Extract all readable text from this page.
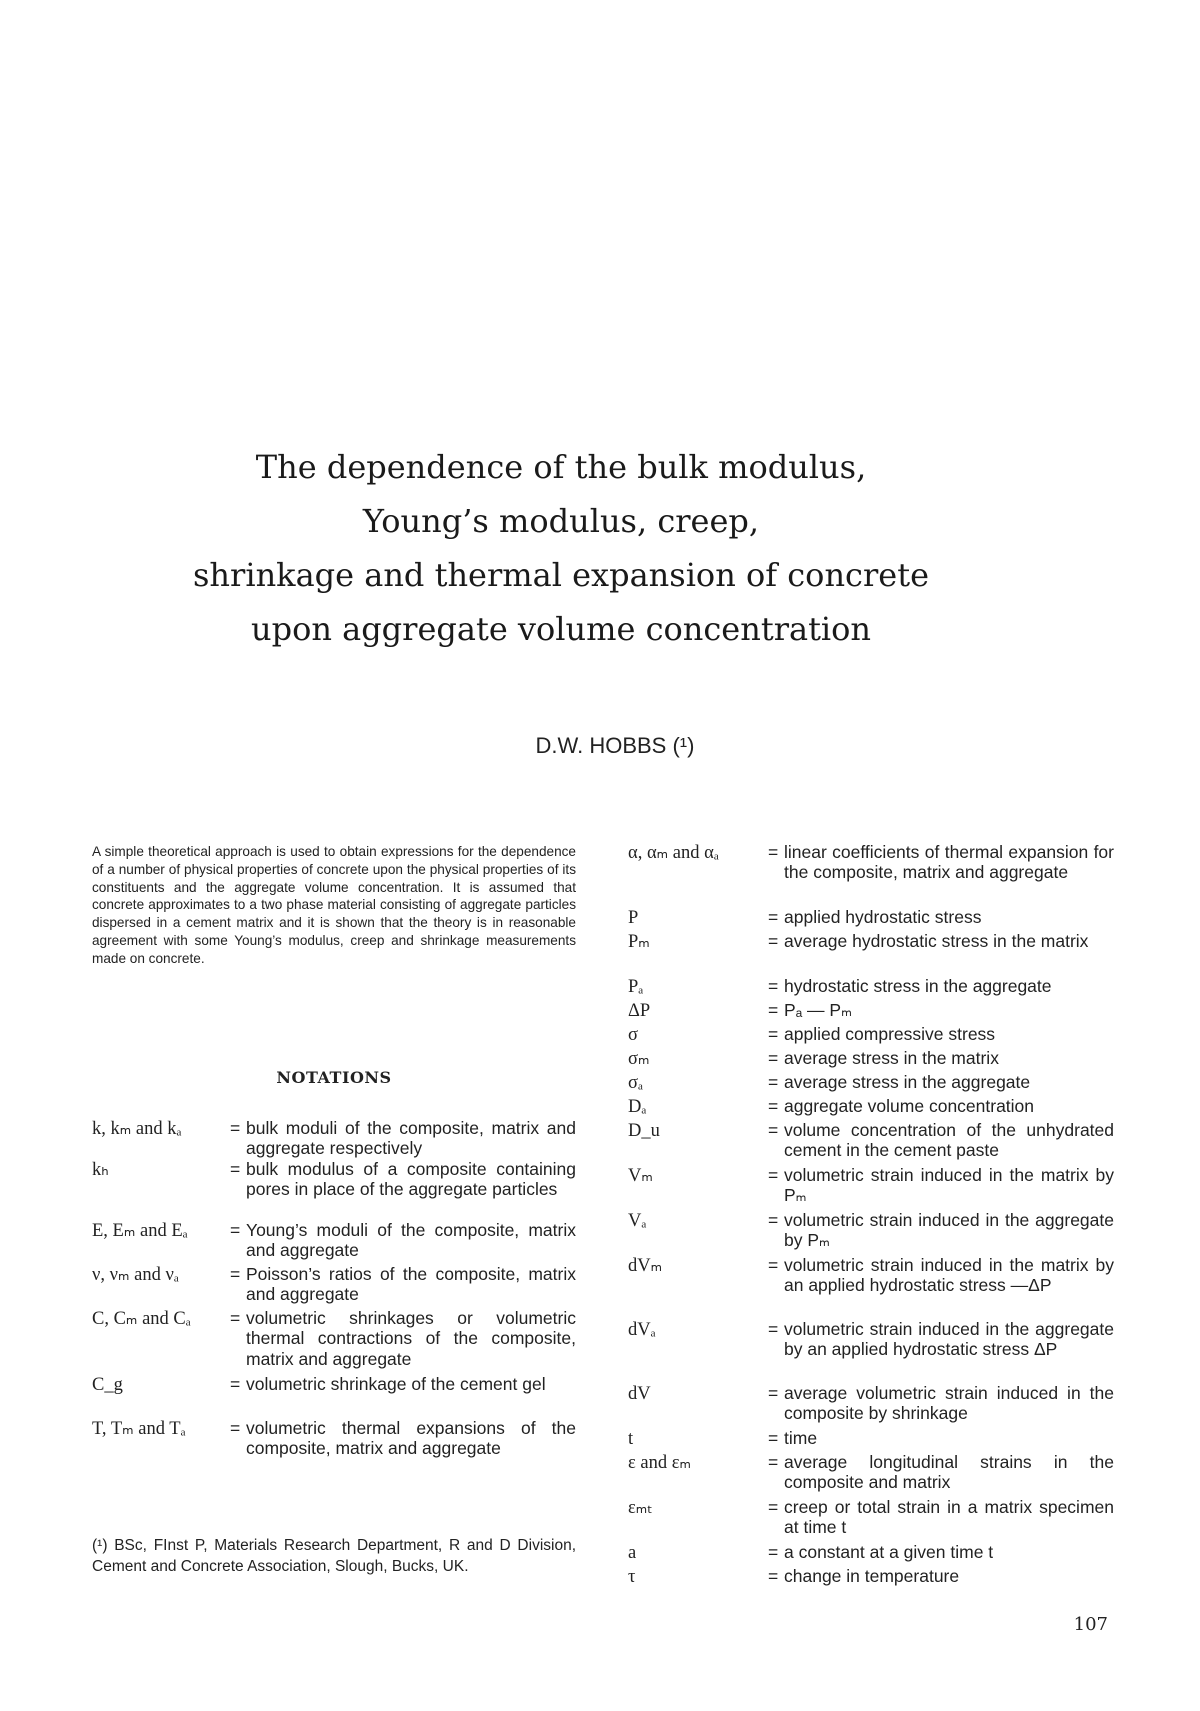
The dependence of the bulk modulus,
Young’s modulus, creep,
shrinkage and thermal expansion of concrete
upon aggregate volume concentration
D.W. HOBBS (¹)
A simple theoretical approach is used to obtain expressions for the dependence of a number of physical properties of concrete upon the physical properties of its constituents and the aggregate volume concentration. It is assumed that concrete approximates to a two phase material consisting of aggregate particles dispersed in a cement matrix and it is shown that the theory is in reasonable agreement with some Young’s modulus, creep and shrinkage measurements made on concrete.
NOTATIONS
k, kₘ and kₐ	= bulk moduli of the composite, matrix and aggregate respectively
kₕ	= bulk modulus of a composite containing pores in place of the aggregate particles
E, Eₘ and Eₐ	= Young’s moduli of the composite, matrix and aggregate
ν, νₘ and νₐ	= Poisson’s ratios of the composite, matrix and aggregate
C, Cₘ and Cₐ	= volumetric shrinkages or volumetric thermal contractions of the composite, matrix and aggregate
C_g	= volumetric shrinkage of the cement gel
T, Tₘ and Tₐ	= volumetric thermal expansions of the composite, matrix and aggregate
α, αₘ and αₐ	= linear coefficients of thermal expansion for the composite, matrix and aggregate
P	= applied hydrostatic stress
Pₘ	= average hydrostatic stress in the matrix
Pₐ	= hydrostatic stress in the aggregate
ΔP	= Pₐ — Pₘ
σ	= applied compressive stress
σₘ	= average stress in the matrix
σₐ	= average stress in the aggregate
Dₐ	= aggregate volume concentration
D_u	= volume concentration of the unhydrated cement in the cement paste
Vₘ	= volumetric strain induced in the matrix by Pₘ
Vₐ	= volumetric strain induced in the aggregate by Pₘ
dVₘ	= volumetric strain induced in the matrix by an applied hydrostatic stress —ΔP
dVₐ	= volumetric strain induced in the aggregate by an applied hydrostatic stress ΔP
dV	= average volumetric strain induced in the composite by shrinkage
t	= time
ε and εₘ	= average longitudinal strains in the composite and matrix
εₘₜ	= creep or total strain in a matrix specimen at time t
a	= a constant at a given time t
τ	= change in temperature
(¹) BSc, FInst P, Materials Research Department, R and D Division, Cement and Concrete Association, Slough, Bucks, UK.
107
